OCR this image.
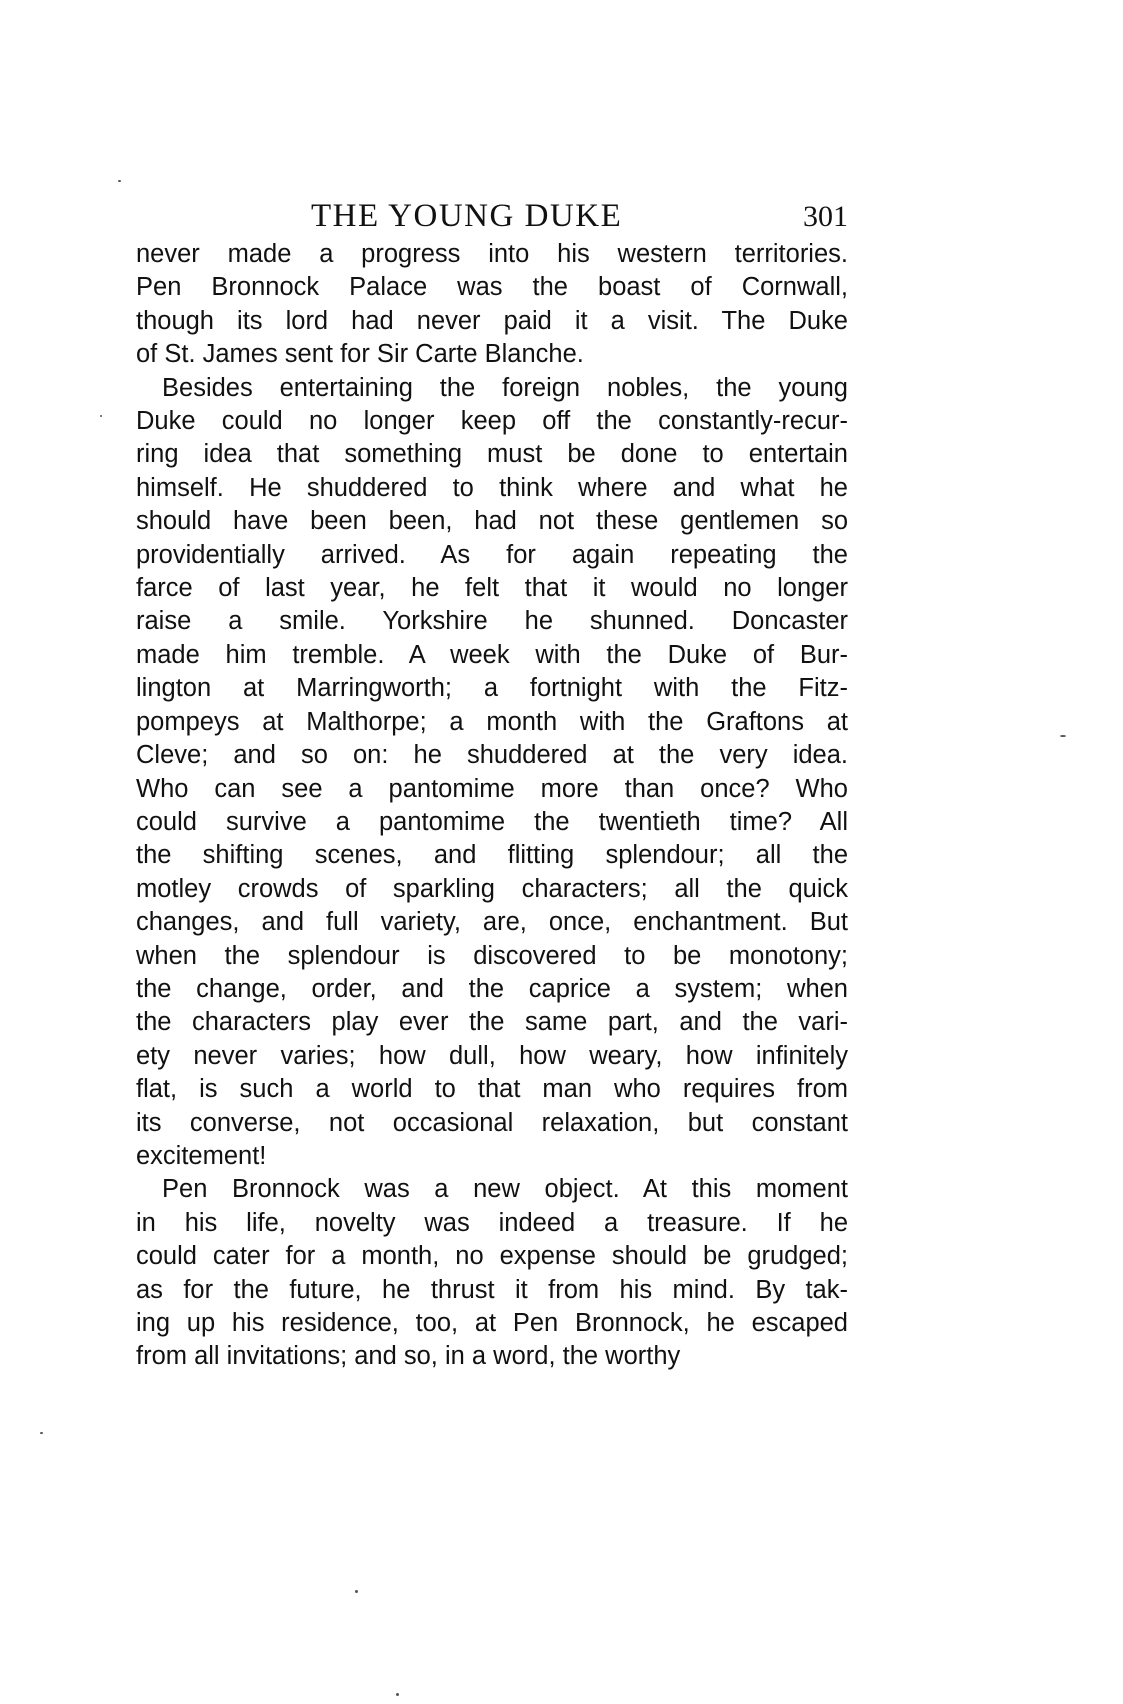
THE YOUNG DUKE	301
never made a progress into his western territories.
Pen Bronnock Palace was the boast of Cornwall,
though its lord had never paid it a visit. The Duke
of St. James sent for Sir Carte Blanche.
Besides entertaining the foreign nobles, the young
Duke could no longer keep off the constantly-recur-
ring idea that something must be done to entertain
himself. He shuddered to think where and what he
should have been been, had not these gentlemen so
providentially arrived. As for again repeating the
farce of last year, he felt that it would no longer
raise a smile. Yorkshire he shunned. Doncaster
made him tremble. A week with the Duke of Bur-
lington at Marringworth; a fortnight with the Fitz-
pompeys at Malthorpe; a month with the Graftons at
Cleve; and so on: he shuddered at the very idea.
Who can see a pantomime more than once? Who
could survive a pantomime the twentieth time? All
the shifting scenes, and flitting splendour; all the
motley crowds of sparkling characters; all the quick
changes, and full variety, are, once, enchantment. But
when the splendour is discovered to be monotony;
the change, order, and the caprice a system; when
the characters play ever the same part, and the vari-
ety never varies; how dull, how weary, how infinitely
flat, is such a world to that man who requires from
its converse, not occasional relaxation, but constant
excitement!
Pen Bronnock was a new object. At this moment
in his life, novelty was indeed a treasure. If he
could cater for a month, no expense should be grudged;
as for the future, he thrust it from his mind. By tak-
ing up his residence, too, at Pen Bronnock, he escaped
from all invitations; and so, in a word, the worthy
